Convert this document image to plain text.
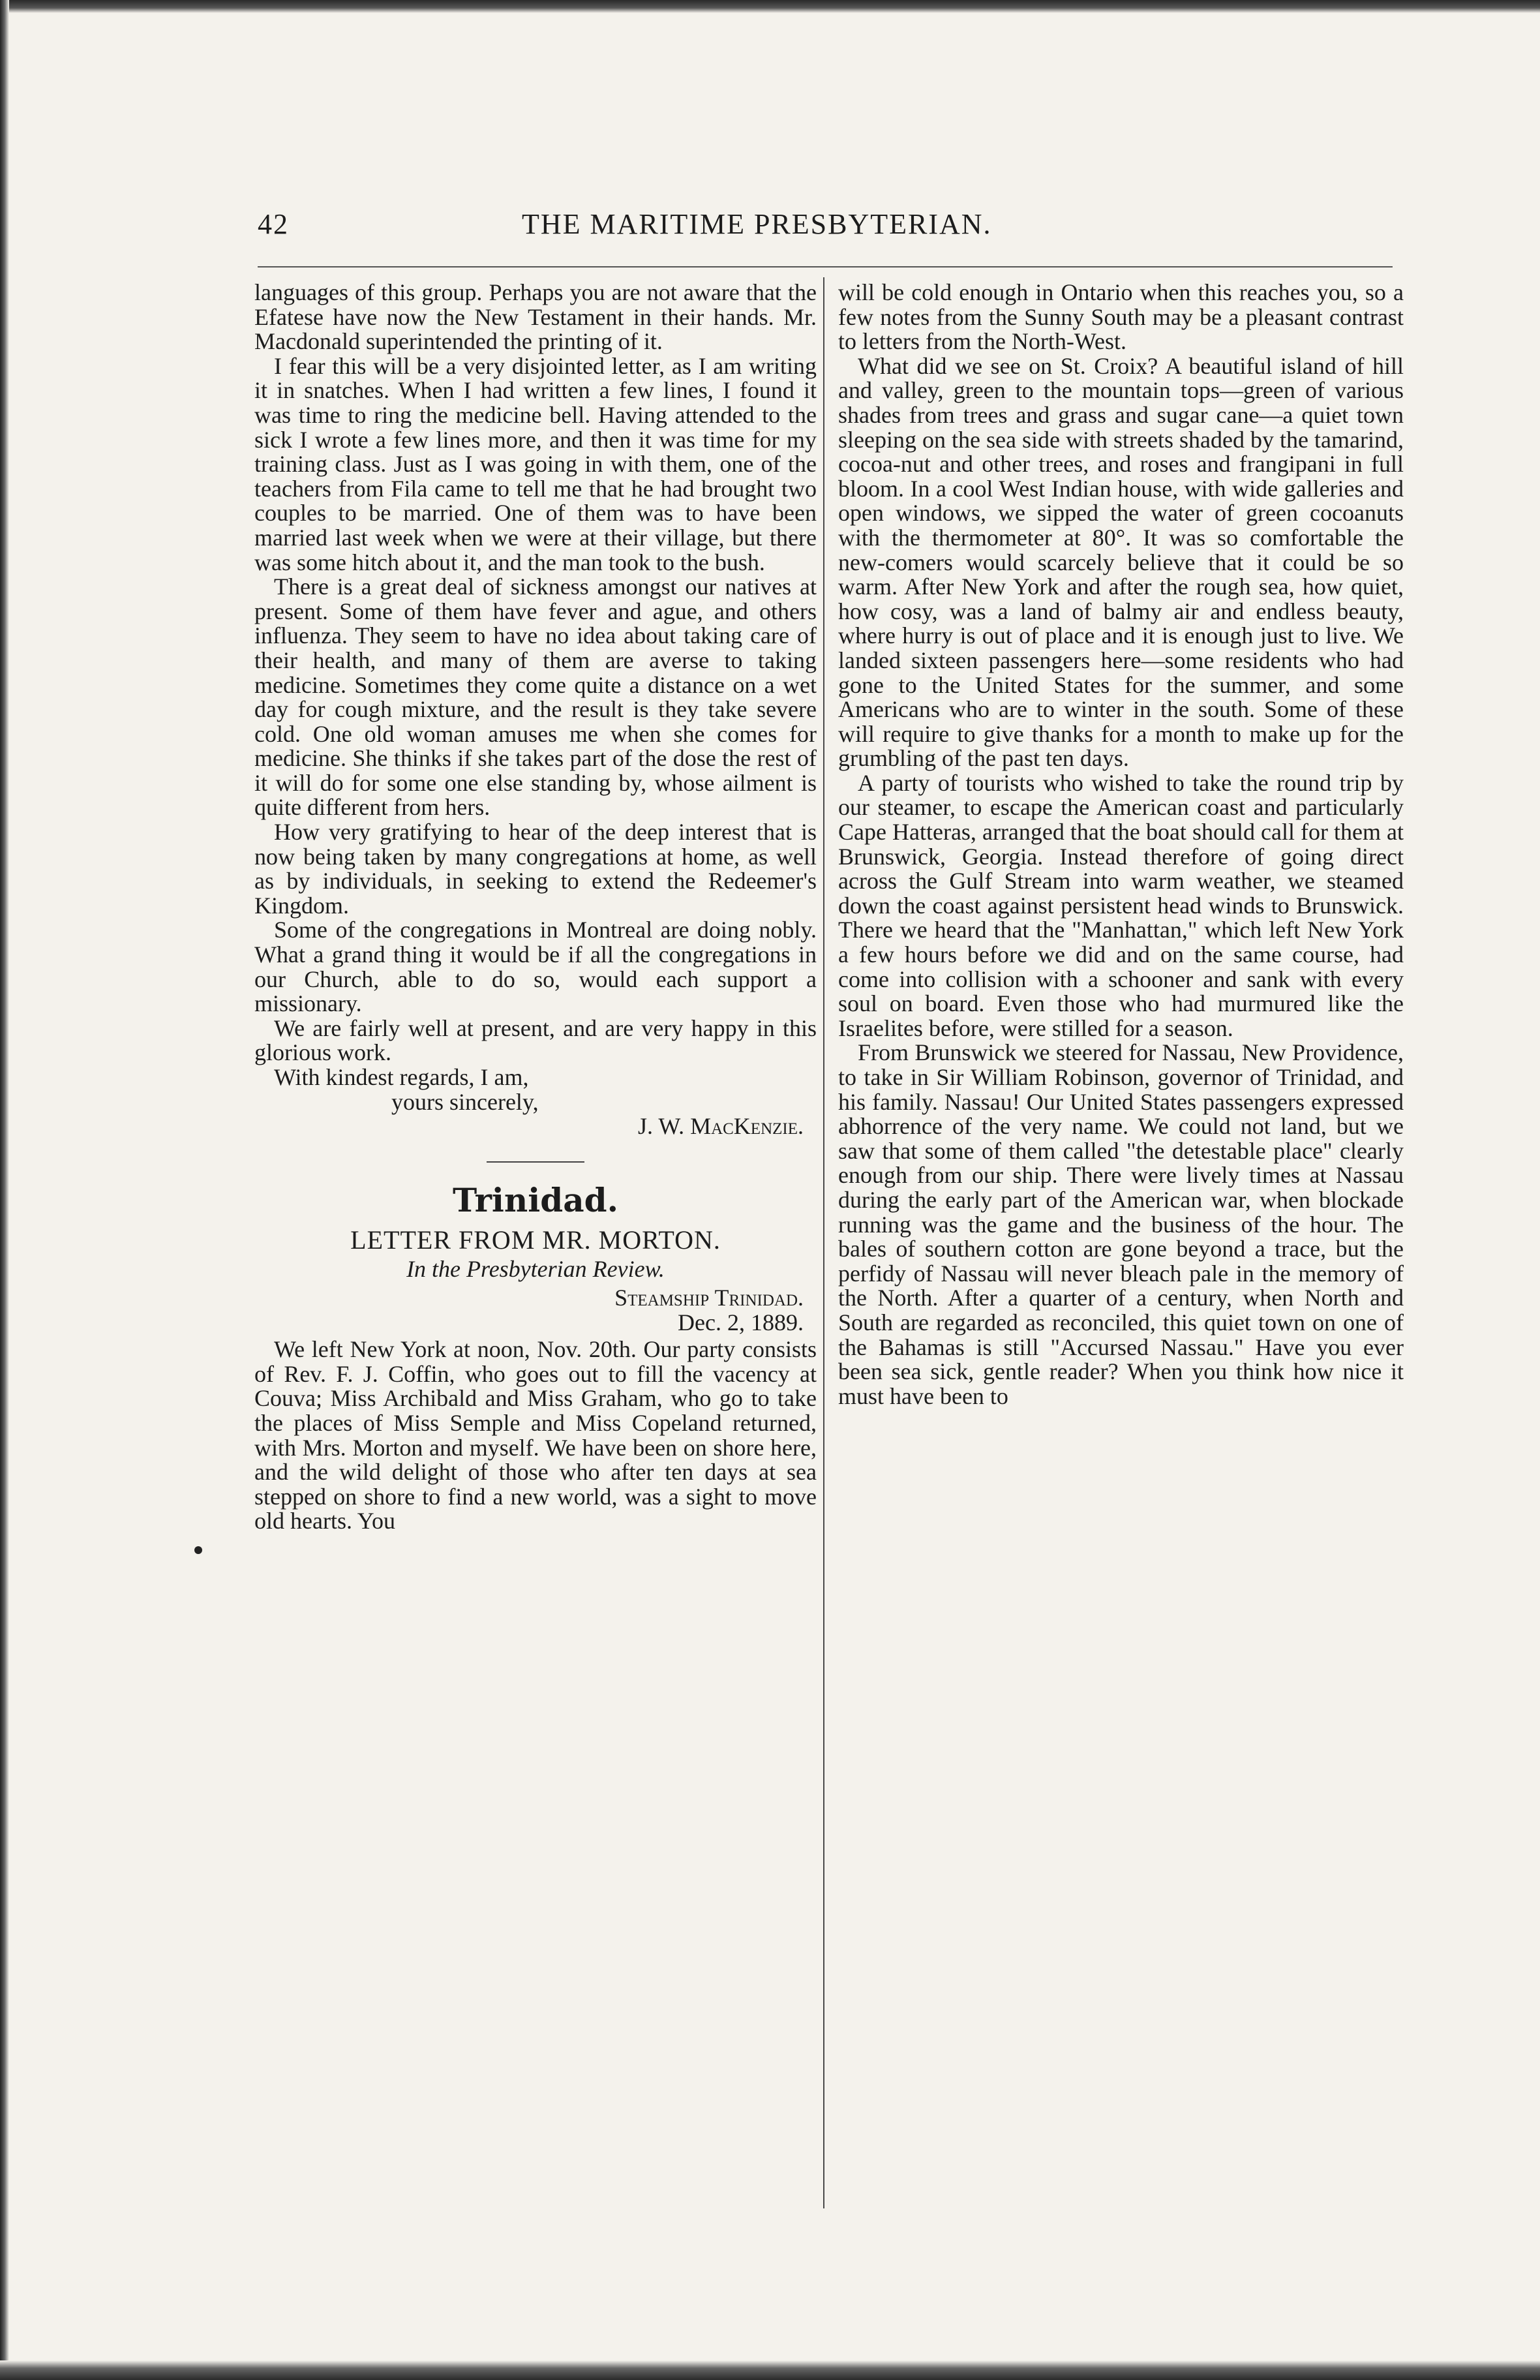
42	THE MARITIME PRESBYTERIAN.

languages of this group. Perhaps you are not aware that the Efatese have now the New Testament in their hands. Mr. Macdonald superintended the printing of it.

I fear this will be a very disjointed letter, as I am writing it in snatches. When I had written a few lines, I found it was time to ring the medicine bell. Having attended to the sick I wrote a few lines more, and then it was time for my training class. Just as I was going in with them, one of the teachers from Fila came to tell me that he had brought two couples to be married. One of them was to have been married last week when we were at their village, but there was some hitch about it, and the man took to the bush.

There is a great deal of sickness amongst our natives at present. Some of them have fever and ague, and others influenza. They seem to have no idea about taking care of their health, and many of them are averse to taking medicine. Sometimes they come quite a distance on a wet day for cough mixture, and the result is they take severe cold. One old woman amuses me when she comes for medicine. She thinks if she takes part of the dose the rest of it will do for some one else standing by, whose ailment is quite different from hers.

How very gratifying to hear of the deep interest that is now being taken by many congregations at home, as well as by individuals, in seeking to extend the Redeemer's Kingdom.

Some of the congregations in Montreal are doing nobly. What a grand thing it would be if all the congregations in our Church, able to do so, would each support a missionary.

We are fairly well at present, and are very happy in this glorious work.

With kindest regards, I am,
yours sincerely,
J. W. MacKenzie.
Trinidad.
LETTER FROM MR. MORTON.
In the Presbyterian Review.
Steamship Trinidad.
Dec. 2, 1889.

We left New York at noon, Nov. 20th. Our party consists of Rev. F. J. Coffin, who goes out to fill the vacency at Couva; Miss Archibald and Miss Graham, who go to take the places of Miss Semple and Miss Copeland returned, with Mrs. Morton and myself. We have been on shore here, and the wild delight of those who after ten days at sea stepped on shore to find a new world, was a sight to move old hearts. You

will be cold enough in Ontario when this reaches you, so a few notes from the Sunny South may be a pleasant contrast to letters from the North-West.

What did we see on St. Croix? A beautiful island of hill and valley, green to the mountain tops—green of various shades from trees and grass and sugar cane—a quiet town sleeping on the sea side with streets shaded by the tamarind, cocoa-nut and other trees, and roses and frangipani in full bloom. In a cool West Indian house, with wide galleries and open windows, we sipped the water of green cocoanuts with the thermometer at 80°. It was so comfortable the new-comers would scarcely believe that it could be so warm. After New York and after the rough sea, how quiet, how cosy, was a land of balmy air and endless beauty, where hurry is out of place and it is enough just to live. We landed sixteen passengers here—some residents who had gone to the United States for the summer, and some Americans who are to winter in the south. Some of these will require to give thanks for a month to make up for the grumbling of the past ten days.

A party of tourists who wished to take the round trip by our steamer, to escape the American coast and particularly Cape Hatteras, arranged that the boat should call for them at Brunswick, Georgia. Instead therefore of going direct across the Gulf Stream into warm weather, we steamed down the coast against persistent head winds to Brunswick. There we heard that the "Manhattan," which left New York a few hours before we did and on the same course, had come into collision with a schooner and sank with every soul on board. Even those who had murmured like the Israelites before, were stilled for a season.

From Brunswick we steered for Nassau, New Providence, to take in Sir William Robinson, governor of Trinidad, and his family. Nassau! Our United States passengers expressed abhorrence of the very name. We could not land, but we saw that some of them called "the detestable place" clearly enough from our ship. There were lively times at Nassau during the early part of the American war, when blockade running was the game and the business of the hour. The bales of southern cotton are gone beyond a trace, but the perfidy of Nassau will never bleach pale in the memory of the North. After a quarter of a century, when North and South are regarded as reconciled, this quiet town on one of the Bahamas is still "Accursed Nassau." Have you ever been sea sick, gentle reader? When you think how nice it must have been to
